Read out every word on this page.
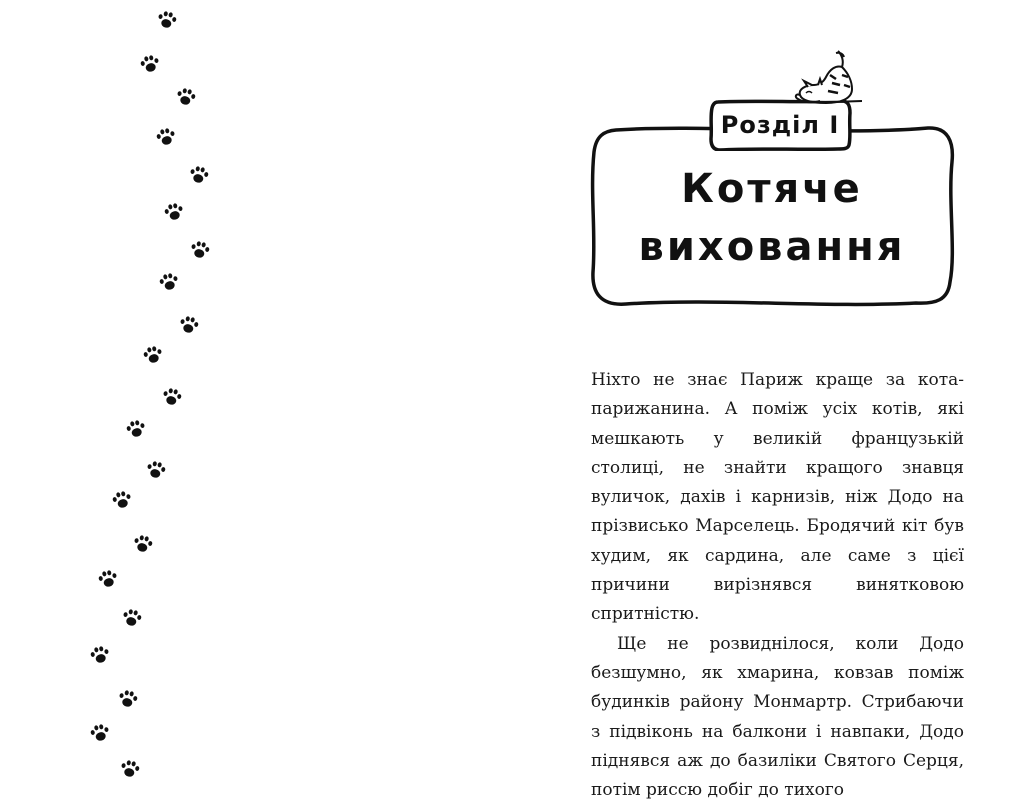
Розділ І
Котяче
виховання

Ніхто не знає Париж краще за кота-парижанина. А поміж усіх котів, які мешкають у великій французькій столиці, не знайти кращого знавця вуличок, дахів і карнизів, ніж Додо на прізвисько Марселець. Бродячий кіт був худим, як сардина, але саме з цієї причини вирізнявся винятковою спритністю.

Ще не розвиднілося, коли Додо безшумно, як хмарина, ковзав поміж будинків району Монмартр. Стрибаючи з підвіконь на балкони і навпаки, Додо піднявся аж до базиліки Святого Серця, потім риссю добіг до тихого
